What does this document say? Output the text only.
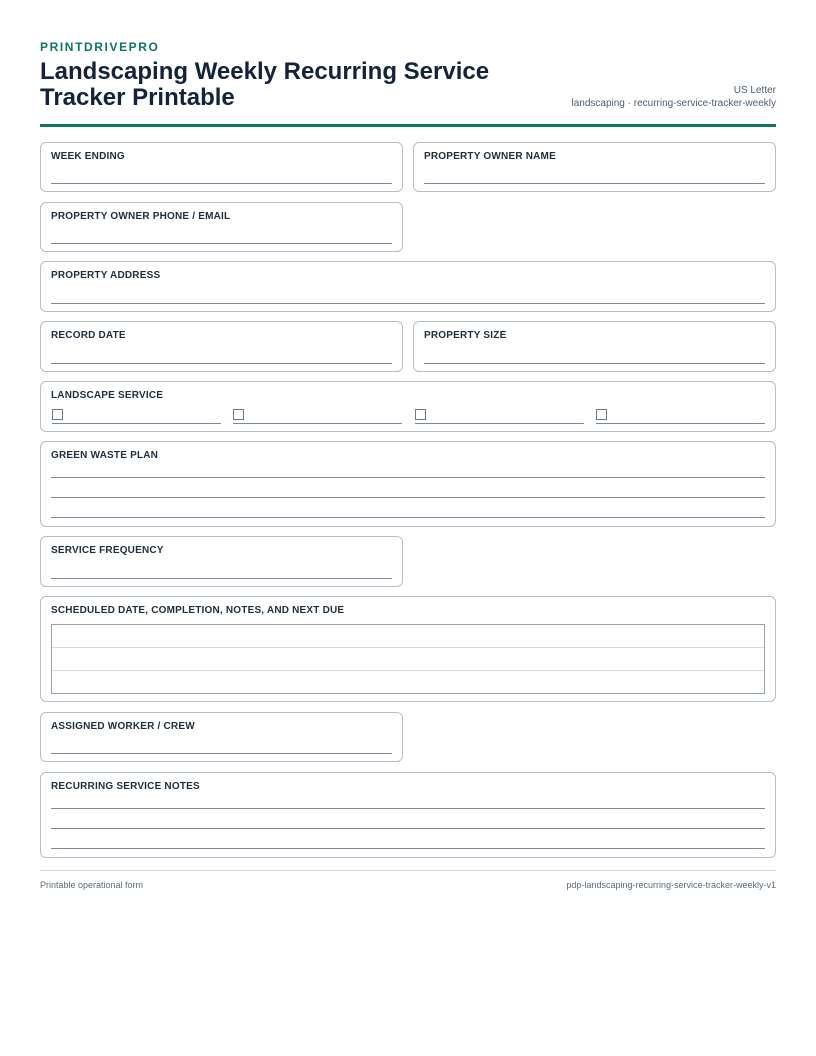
PRINTDRIVEPRO
Landscaping Weekly Recurring Service Tracker Printable	US Letter
landscaping · recurring-service-tracker-weekly
WEEK ENDING	PROPERTY OWNER NAME
PROPERTY OWNER PHONE / EMAIL
PROPERTY ADDRESS
RECORD DATE	PROPERTY SIZE
LANDSCAPE SERVICE
GREEN WASTE PLAN
SERVICE FREQUENCY
SCHEDULED DATE, COMPLETION, NOTES, AND NEXT DUE
ASSIGNED WORKER / CREW
RECURRING SERVICE NOTES
Printable operational form	pdp-landscaping-recurring-service-tracker-weekly-v1
